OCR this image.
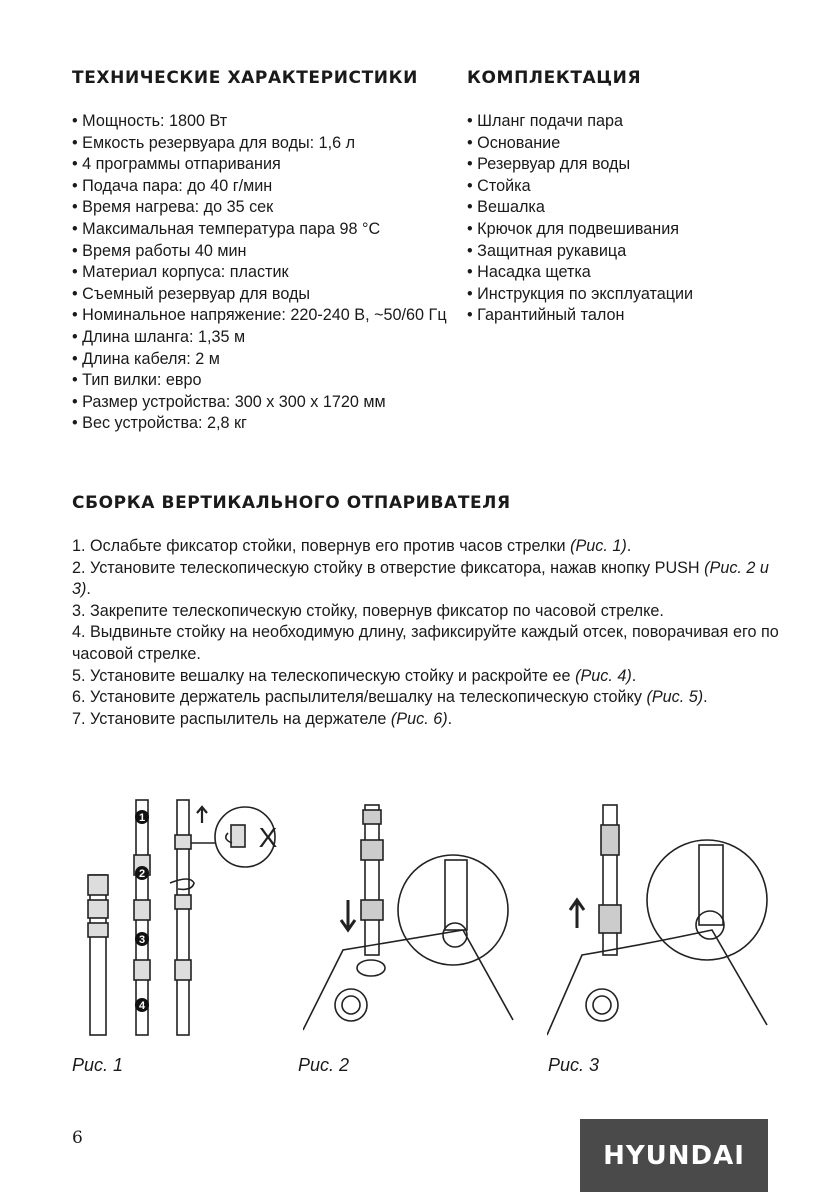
ТЕХНИЧЕСКИЕ ХАРАКТЕРИСТИКИ	КОМПЛЕКТАЦИЯ
• Мощность: 1800 Вт
• Емкость резервуара для воды: 1,6 л
• 4 программы отпаривания
• Подача пара: до 40 г/мин
• Время нагрева: до 35 сек
• Максимальная температура пара 98 °С
• Время работы 40 мин
• Материал корпуса: пластик
• Съемный резервуар для воды
• Номинальное напряжение: 220-240 В, ~50/60 Гц
• Длина шланга: 1,35 м
• Длина кабеля: 2 м
• Тип вилки: евро
• Размер устройства: 300 х 300 х 1720 мм
• Вес устройства: 2,8 кг
• Шланг подачи пара
• Основание
• Резервуар для воды
• Стойка
• Вешалка
• Крючок для подвешивания
• Защитная рукавица
• Насадка щетка
• Инструкция по эксплуатации
• Гарантийный талон
СБОРКА ВЕРТИКАЛЬНОГО ОТПАРИВАТЕЛЯ
1. Ослабьте фиксатор стойки, повернув его против часов стрелки (Рис. 1).
2. Установите телескопическую стойку в отверстие фиксатора, нажав кнопку PUSH (Рис. 2 и 3).
3. Закрепите телескопическую стойку, повернув фиксатор по часовой стрелке.
4. Выдвиньте стойку на необходимую длину, зафиксируйте каждый отсек, поворачивая его по часовой стрелке.
5. Установите вешалку на телескопическую стойку и раскройте ее (Рис. 4).
6. Установите держатель распылителя/вешалку на телескопическую стойку (Рис. 5).
7. Установите распылитель на держателе (Рис. 6).
1
2
3
4
X
Рис. 1	Рис. 2	Рис. 3
6
HYUNDAI
